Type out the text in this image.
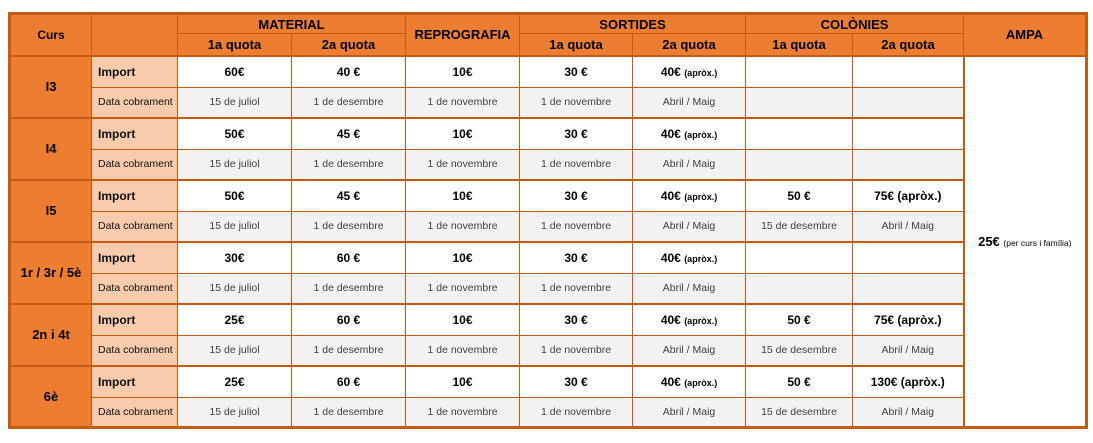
Curs		MATERIAL		REPROGRAFIA	SORTIDES		COLÒNIES		AMPA
		1a quota	2a quota		1a quota	2a quota	1a quota	2a quota	
I3	Import	60€	40 €	10€	30 €	40€ (apròx.)			25€ (per curs i família)
	Data cobrament	15 de juliol	1 de desembre	1 de novembre	1 de novembre	Abril / Maig			
I4	Import	50€	45 €	10€	30 €	40€ (apròx.)			
	Data cobrament	15 de juliol	1 de desembre	1 de novembre	1 de novembre	Abril / Maig			
I5	Import	50€	45 €	10€	30 €	40€ (apròx.)	50 €	75€ (apròx.)	
	Data cobrament	15 de juliol	1 de desembre	1 de novembre	1 de novembre	Abril / Maig	15 de desembre	Abril / Maig	
1r / 3r / 5è	Import	30€	60 €	10€	30 €	40€ (apròx.)			
	Data cobrament	15 de juliol	1 de desembre	1 de novembre	1 de novembre	Abril / Maig			
2n i 4t	Import	25€	60 €	10€	30 €	40€ (apròx.)	50 €	75€ (apròx.)	
	Data cobrament	15 de juliol	1 de desembre	1 de novembre	1 de novembre	Abril / Maig	15 de desembre	Abril / Maig	
6è	Import	25€	60 €	10€	30 €	40€ (apròx.)	50 €	130€ (apròx.)	
	Data cobrament	15 de juliol	1 de desembre	1 de novembre	1 de novembre	Abril / Maig	15 de desembre	Abril / Maig	
